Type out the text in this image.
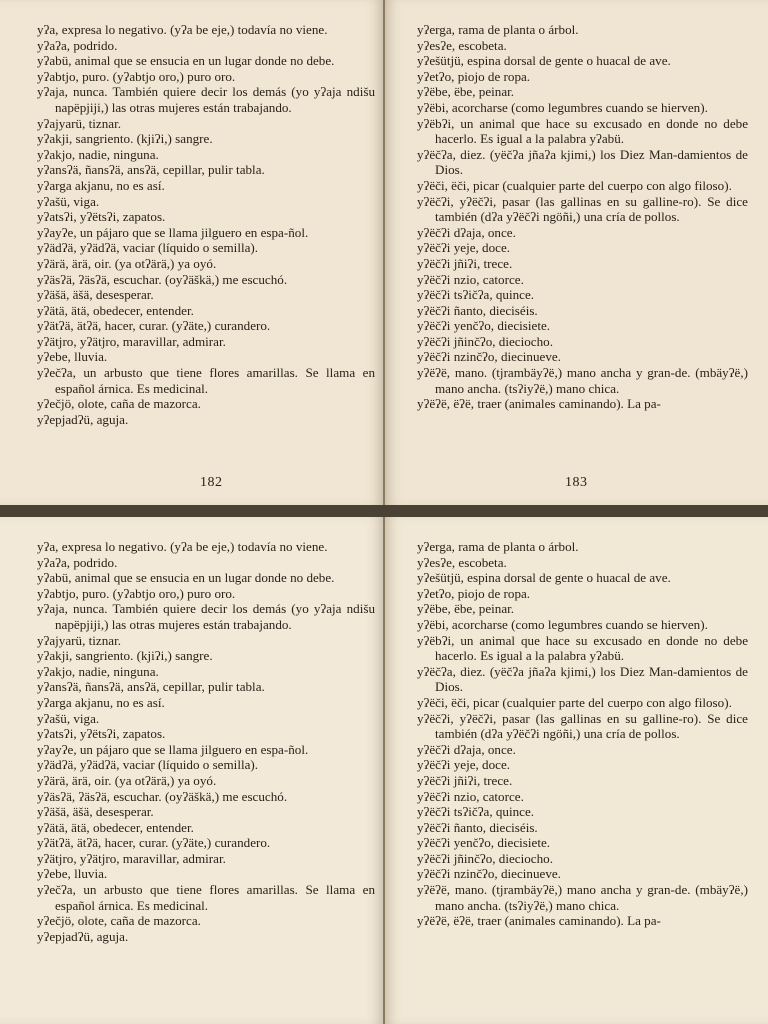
yʔa, expresa lo negativo. (yʔa be eje,) todavía no viene.

yʔaʔa, podrido.

yʔabü, animal que se ensucia en un lugar donde no debe.

yʔabtjo, puro. (yʔabtjo oro,) puro oro.

yʔaja, nunca. También quiere decir los demás (yo yʔaja ndišu napëpjiji,) las otras mujeres están trabajando.

yʔajyarü, tiznar.

yʔakji, sangriento. (kjiʔi,) sangre.

yʔakjo, nadie, ninguna.

yʔansʔä, ñansʔä, ansʔä, cepillar, pulir tabla.

yʔarga akjanu, no es así.

yʔašü, viga.

yʔatsʔi, yʔëtsʔi, zapatos.

yʔayʔe, un pájaro que se llama jilguero en espa-ñol.

yʔädʔä, yʔädʔä, vaciar (líquido o semilla).

yʔärä, ärä, oir. (ya otʔärä,) ya oyó.

yʔäsʔä, ʔäsʔä, escuchar. (oyʔäškä,) me escuchó.

yʔäšä, äšä, desesperar.

yʔätä, ätä, obedecer, entender.

yʔätʔä, ätʔä, hacer, curar. (yʔäte,) curandero.

yʔätjro, yʔätjro, maravillar, admirar.

yʔebe, lluvia.

yʔečʔa, un arbusto que tiene flores amarillas. Se llama en español árnica. Es medicinal.

yʔečjö, olote, caña de mazorca.

yʔepjadʔü, aguja.

182

yʔerga, rama de planta o árbol.

yʔesʔe, escobeta.

yʔešütjü, espina dorsal de gente o huacal de ave.

yʔetʔo, piojo de ropa.

yʔëbe, ëbe, peinar.

yʔëbi, acorcharse (como legumbres cuando se hierven).

yʔëbʔi, un animal que hace su excusado en donde no debe hacerlo. Es igual a la palabra yʔabü.

yʔëčʔa, diez. (yëčʔa jñaʔa kjimi,) los Diez Man-damientos de Dios.

yʔëči, ëči, picar (cualquier parte del cuerpo con algo filoso).

yʔëčʔi, yʔëčʔi, pasar (las gallinas en su galline-ro). Se dice también (dʔa yʔëčʔi ngöñi,) una cría de pollos.

yʔëčʔi dʔaja, once.

yʔëčʔi yeje, doce.

yʔëčʔi jñiʔi, trece.

yʔëčʔi nzio, catorce.

yʔëčʔi tsʔičʔa, quince.

yʔëčʔi ñanto, dieciséis.

yʔëčʔi yenčʔo, diecisiete.

yʔëčʔi jñinčʔo, dieciocho.

yʔëčʔi nzinčʔo, diecinueve.

yʔëʔë, mano. (tjrambäyʔë,) mano ancha y gran-de. (mbäyʔë,) mano ancha. (tsʔiyʔë,) mano chica.

yʔëʔë, ëʔë, traer (animales caminando). La pa-

183

yʔa, expresa lo negativo. (yʔa be eje,) todavía no viene.

yʔaʔa, podrido.

yʔabü, animal que se ensucia en un lugar donde no debe.

yʔabtjo, puro. (yʔabtjo oro,) puro oro.

yʔaja, nunca. También quiere decir los demás (yo yʔaja ndišu napëpjiji,) las otras mujeres están trabajando.

yʔajyarü, tiznar.

yʔakji, sangriento. (kjiʔi,) sangre.

yʔakjo, nadie, ninguna.

yʔansʔä, ñansʔä, ansʔä, cepillar, pulir tabla.

yʔarga akjanu, no es así.

yʔašü, viga.

yʔatsʔi, yʔëtsʔi, zapatos.

yʔayʔe, un pájaro que se llama jilguero en espa-ñol.

yʔädʔä, yʔädʔä, vaciar (líquido o semilla).

yʔärä, ärä, oir. (ya otʔärä,) ya oyó.

yʔäsʔä, ʔäsʔä, escuchar. (oyʔäškä,) me escuchó.

yʔäšä, äšä, desesperar.

yʔätä, ätä, obedecer, entender.

yʔätʔä, ätʔä, hacer, curar. (yʔäte,) curandero.

yʔätjro, yʔätjro, maravillar, admirar.

yʔebe, lluvia.

yʔečʔa, un arbusto que tiene flores amarillas. Se llama en español árnica. Es medicinal.

yʔečjö, olote, caña de mazorca.

yʔepjadʔü, aguja.

yʔerga, rama de planta o árbol.

yʔesʔe, escobeta.

yʔešütjü, espina dorsal de gente o huacal de ave.

yʔetʔo, piojo de ropa.

yʔëbe, ëbe, peinar.

yʔëbi, acorcharse (como legumbres cuando se hierven).

yʔëbʔi, un animal que hace su excusado en donde no debe hacerlo. Es igual a la palabra yʔabü.

yʔëčʔa, diez. (yëčʔa jñaʔa kjimi,) los Diez Man-damientos de Dios.

yʔëči, ëči, picar (cualquier parte del cuerpo con algo filoso).

yʔëčʔi, yʔëčʔi, pasar (las gallinas en su galline-ro). Se dice también (dʔa yʔëčʔi ngöñi,) una cría de pollos.

yʔëčʔi dʔaja, once.

yʔëčʔi yeje, doce.

yʔëčʔi jñiʔi, trece.

yʔëčʔi nzio, catorce.

yʔëčʔi tsʔičʔa, quince.

yʔëčʔi ñanto, dieciséis.

yʔëčʔi yenčʔo, diecisiete.

yʔëčʔi jñinčʔo, dieciocho.

yʔëčʔi nzinčʔo, diecinueve.

yʔëʔë, mano. (tjrambäyʔë,) mano ancha y gran-de. (mbäyʔë,) mano ancha. (tsʔiyʔë,) mano chica.

yʔëʔë, ëʔë, traer (animales caminando). La pa-
